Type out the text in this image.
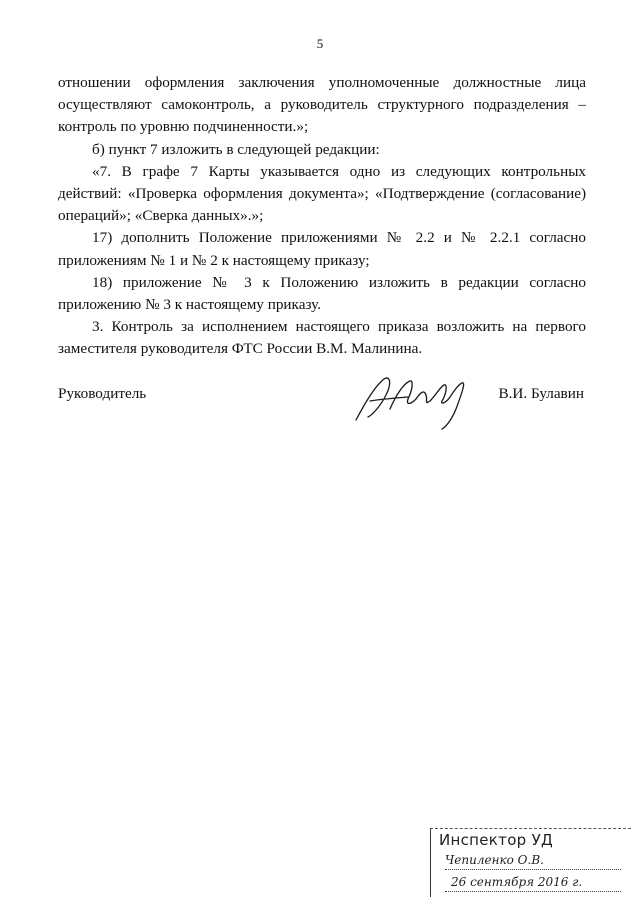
5

отношении оформления заключения уполномоченные должностные лица осуществляют самоконтроль, а руководитель структурного подразделения – контроль по уровню подчиненности.»;

б) пункт 7 изложить в следующей редакции:

«7. В графе 7 Карты указывается одно из следующих контрольных действий: «Проверка оформления документа»; «Подтверждение (согласование) операций»; «Сверка данных».»;

17) дополнить Положение приложениями № 2.2 и № 2.2.1 согласно приложениям № 1 и № 2 к настоящему приказу;

18) приложение № 3 к Положению изложить в редакции согласно приложению № 3 к настоящему приказу.

3. Контроль за исполнением настоящего приказа возложить на первого заместителя руководителя ФТС России В.М. Малинина.

Руководитель	В.И. Булавин
Инспектор УД
Чепиленко О.В.
26 сентября 2016 г.
